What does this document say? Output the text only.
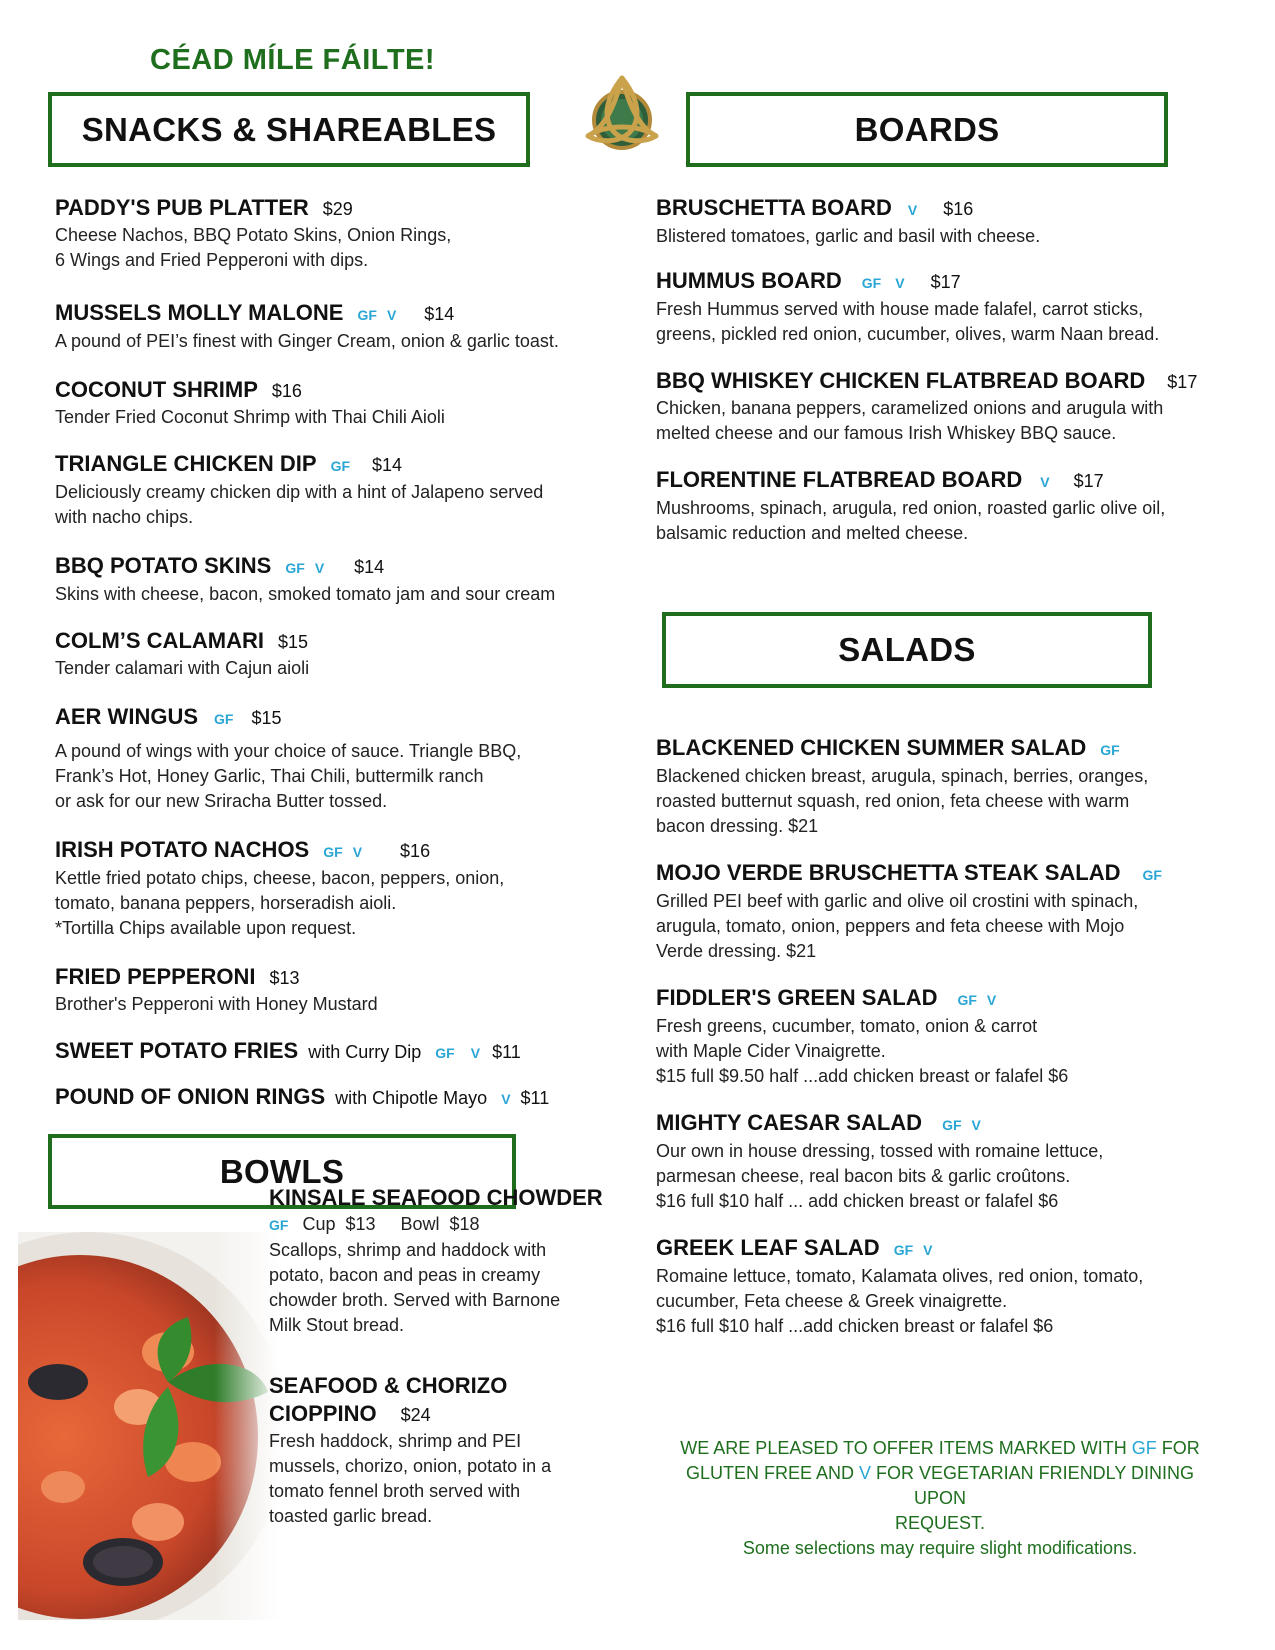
CÉAD MÍLE FÁILTE!
SNACKS & SHAREABLES	BOARDS
SALADS
BOWLS
PADDY'S PUB PLATTER $29
Cheese Nachos, BBQ Potato Skins, Onion Rings,
6 Wings and Fried Pepperoni with dips.
MUSSELS MOLLY MALONE GF V $14
A pound of PEI’s finest with Ginger Cream, onion & garlic toast.
COCONUT SHRIMP $16
Tender Fried Coconut Shrimp with Thai Chili Aioli
TRIANGLE CHICKEN DIP GF $14
Deliciously creamy chicken dip with a hint of Jalapeno served
with nacho chips.
BBQ POTATO SKINS GF V $14
Skins with cheese, bacon, smoked tomato jam and sour cream
COLM’S CALAMARI $15
Tender calamari with Cajun aioli
AER WINGUS GF $15
A pound of wings with your choice of sauce. Triangle BBQ,
Frank’s Hot, Honey Garlic, Thai Chili, buttermilk ranch
or ask for our new Sriracha Butter tossed.
IRISH POTATO NACHOS GF V $16
Kettle fried potato chips, cheese, bacon, peppers, onion,
tomato, banana peppers, horseradish aioli.
*Tortilla Chips available upon request.
FRIED PEPPERONI $13
Brother's Pepperoni with Honey Mustard
SWEET POTATO FRIES with Curry Dip GF V $11
POUND OF ONION RINGS with Chipotle Mayo V $11
BRUSCHETTA BOARD V $16
Blistered tomatoes, garlic and basil with cheese.
HUMMUS BOARD GF V $17
Fresh Hummus served with house made falafel, carrot sticks,
greens, pickled red onion, cucumber, olives, warm Naan bread.
BBQ WHISKEY CHICKEN FLATBREAD BOARD $17
Chicken, banana peppers, caramelized onions and arugula with
melted cheese and our famous Irish Whiskey BBQ sauce.
FLORENTINE FLATBREAD BOARD V $17
Mushrooms, spinach, arugula, red onion, roasted garlic olive oil,
balsamic reduction and melted cheese.
BLACKENED CHICKEN SUMMER SALAD GF
Blackened chicken breast, arugula, spinach, berries, oranges,
roasted butternut squash, red onion, feta cheese with warm
bacon dressing. $21
MOJO VERDE BRUSCHETTA STEAK SALAD GF
Grilled PEI beef with garlic and olive oil crostini with spinach,
arugula, tomato, onion, peppers and feta cheese with Mojo
Verde dressing. $21
FIDDLER'S GREEN SALAD GF V
Fresh greens, cucumber, tomato, onion & carrot
with Maple Cider Vinaigrette.
$15 full $9.50 half ...add chicken breast or falafel $6
MIGHTY CAESAR SALAD GF V
Our own in house dressing, tossed with romaine lettuce,
parmesan cheese, real bacon bits & garlic croûtons.
$16 full $10 half ... add chicken breast or falafel $6
GREEK LEAF SALAD GF V
Romaine lettuce, tomato, Kalamata olives, red onion, tomato,
cucumber, Feta cheese & Greek vinaigrette.
$16 full $10 half ...add chicken breast or falafel $6
KINSALE SEAFOOD CHOWDER
GF Cup  $13     Bowl  $18
Scallops, shrimp and haddock with
potato, bacon and peas in creamy
chowder broth. Served with Barnone
Milk Stout bread.
SEAFOOD & CHORIZO
CIOPPINO $24
Fresh haddock, shrimp and PEI
mussels, chorizo, onion, potato in a
tomato fennel broth served with
toasted garlic bread.
WE ARE PLEASED TO OFFER ITEMS MARKED WITH GF FOR
GLUTEN FREE AND V FOR VEGETARIAN FRIENDLY DINING UPON
REQUEST.
Some selections may require slight modifications.
